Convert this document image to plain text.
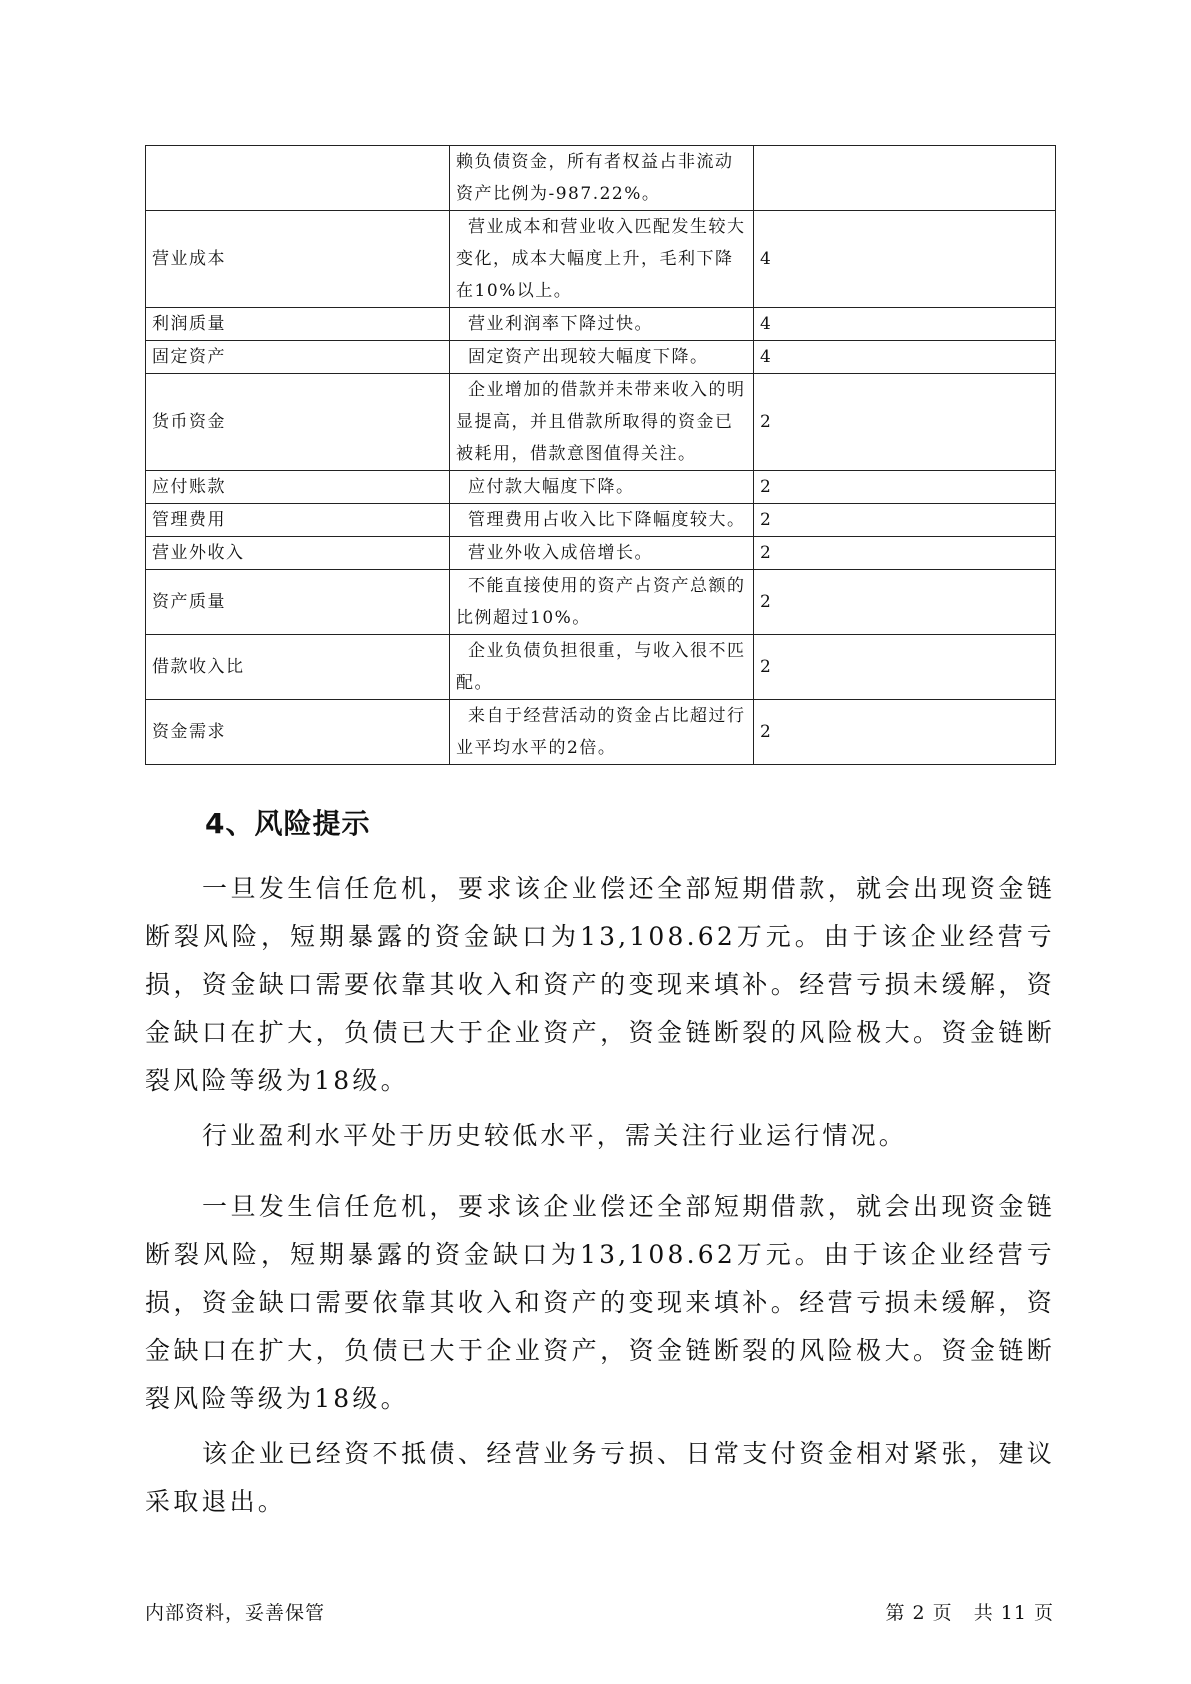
	赖负债资金，所有者权益占非流动资产比例为-987.22%。	
营业成本	营业成本和营业收入匹配发生较大变化，成本大幅度上升，毛利下降在10%以上。	4
利润质量	营业利润率下降过快。	4
固定资产	固定资产出现较大幅度下降。	4
货币资金	企业增加的借款并未带来收入的明显提高，并且借款所取得的资金已被耗用，借款意图值得关注。	2
应付账款	应付款大幅度下降。	2
管理费用	管理费用占收入比下降幅度较大。	2
营业外收入	营业外收入成倍增长。	2
资产质量	不能直接使用的资产占资产总额的比例超过10%。	2
借款收入比	企业负债负担很重，与收入很不匹配。	2
资金需求	来自于经营活动的资金占比超过行业平均水平的2倍。	2
4、风险提示

一旦发生信任危机，要求该企业偿还全部短期借款，就会出现资金链断裂风险，短期暴露的资金缺口为13,108.62万元。由于该企业经营亏损，资金缺口需要依靠其收入和资产的变现来填补。经营亏损未缓解，资金缺口在扩大，负债已大于企业资产，资金链断裂的风险极大。资金链断裂风险等级为18级。

行业盈利水平处于历史较低水平，需关注行业运行情况。

一旦发生信任危机，要求该企业偿还全部短期借款，就会出现资金链断裂风险，短期暴露的资金缺口为13,108.62万元。由于该企业经营亏损，资金缺口需要依靠其收入和资产的变现来填补。经营亏损未缓解，资金缺口在扩大，负债已大于企业资产，资金链断裂的风险极大。资金链断裂风险等级为18级。

该企业已经资不抵债、经营业务亏损、日常支付资金相对紧张，建议采取退出。

内部资料，妥善保管	第 2 页   共 11 页
